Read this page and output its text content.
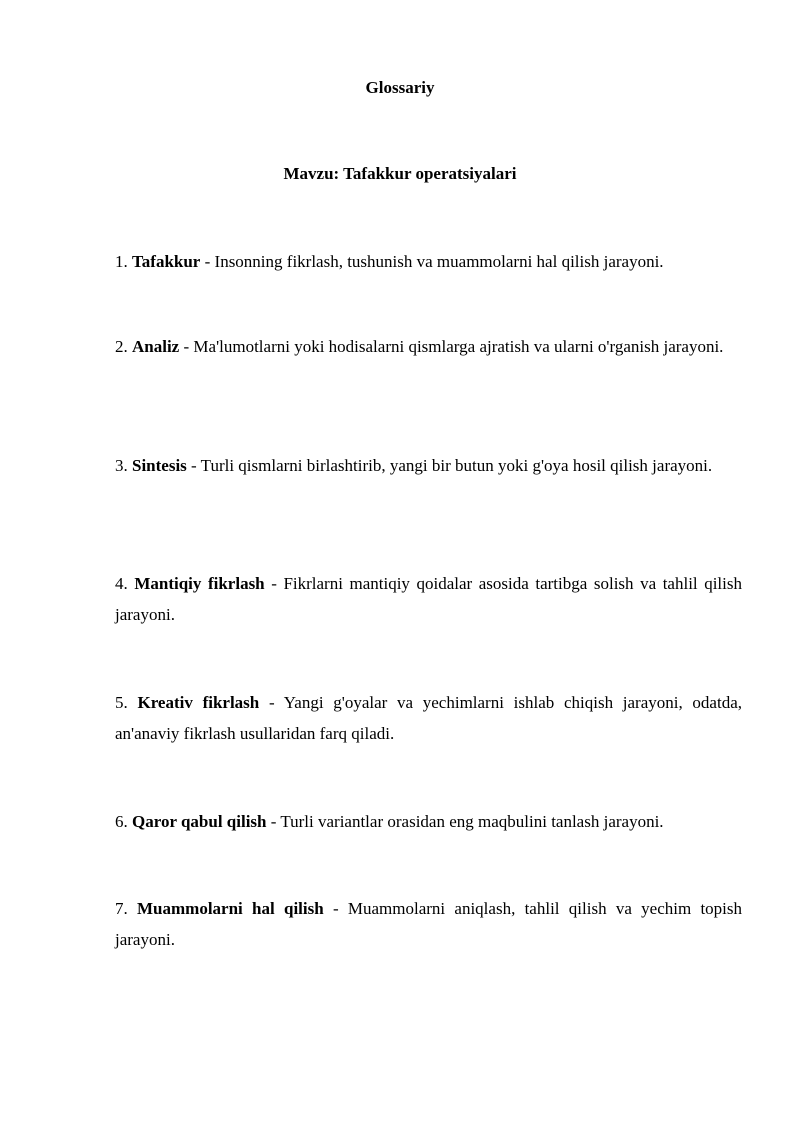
Glossariy
Mavzu: Tafakkur operatsiyalari
1. Tafakkur - Insonning fikrlash, tushunish va muammolarni hal qilish jarayoni.
2. Analiz - Ma'lumotlarni yoki hodisalarni qismlarga ajratish va ularni o'rganish jarayoni.
3. Sintesis - Turli qismlarni birlashtirib, yangi bir butun yoki g'oya hosil qilish jarayoni.
4. Mantiqiy fikrlash - Fikrlarni mantiqiy qoidalar asosida tartibga solish va tahlil qilish jarayoni.
5. Kreativ fikrlash - Yangi g'oyalar va yechimlarni ishlab chiqish jarayoni, odatda, an'anaviy fikrlash usullaridan farq qiladi.
6. Qaror qabul qilish - Turli variantlar orasidan eng maqbulini tanlash jarayoni.
7. Muammolarni hal qilish - Muammolarni aniqlash, tahlil qilish va yechim topish jarayoni.
